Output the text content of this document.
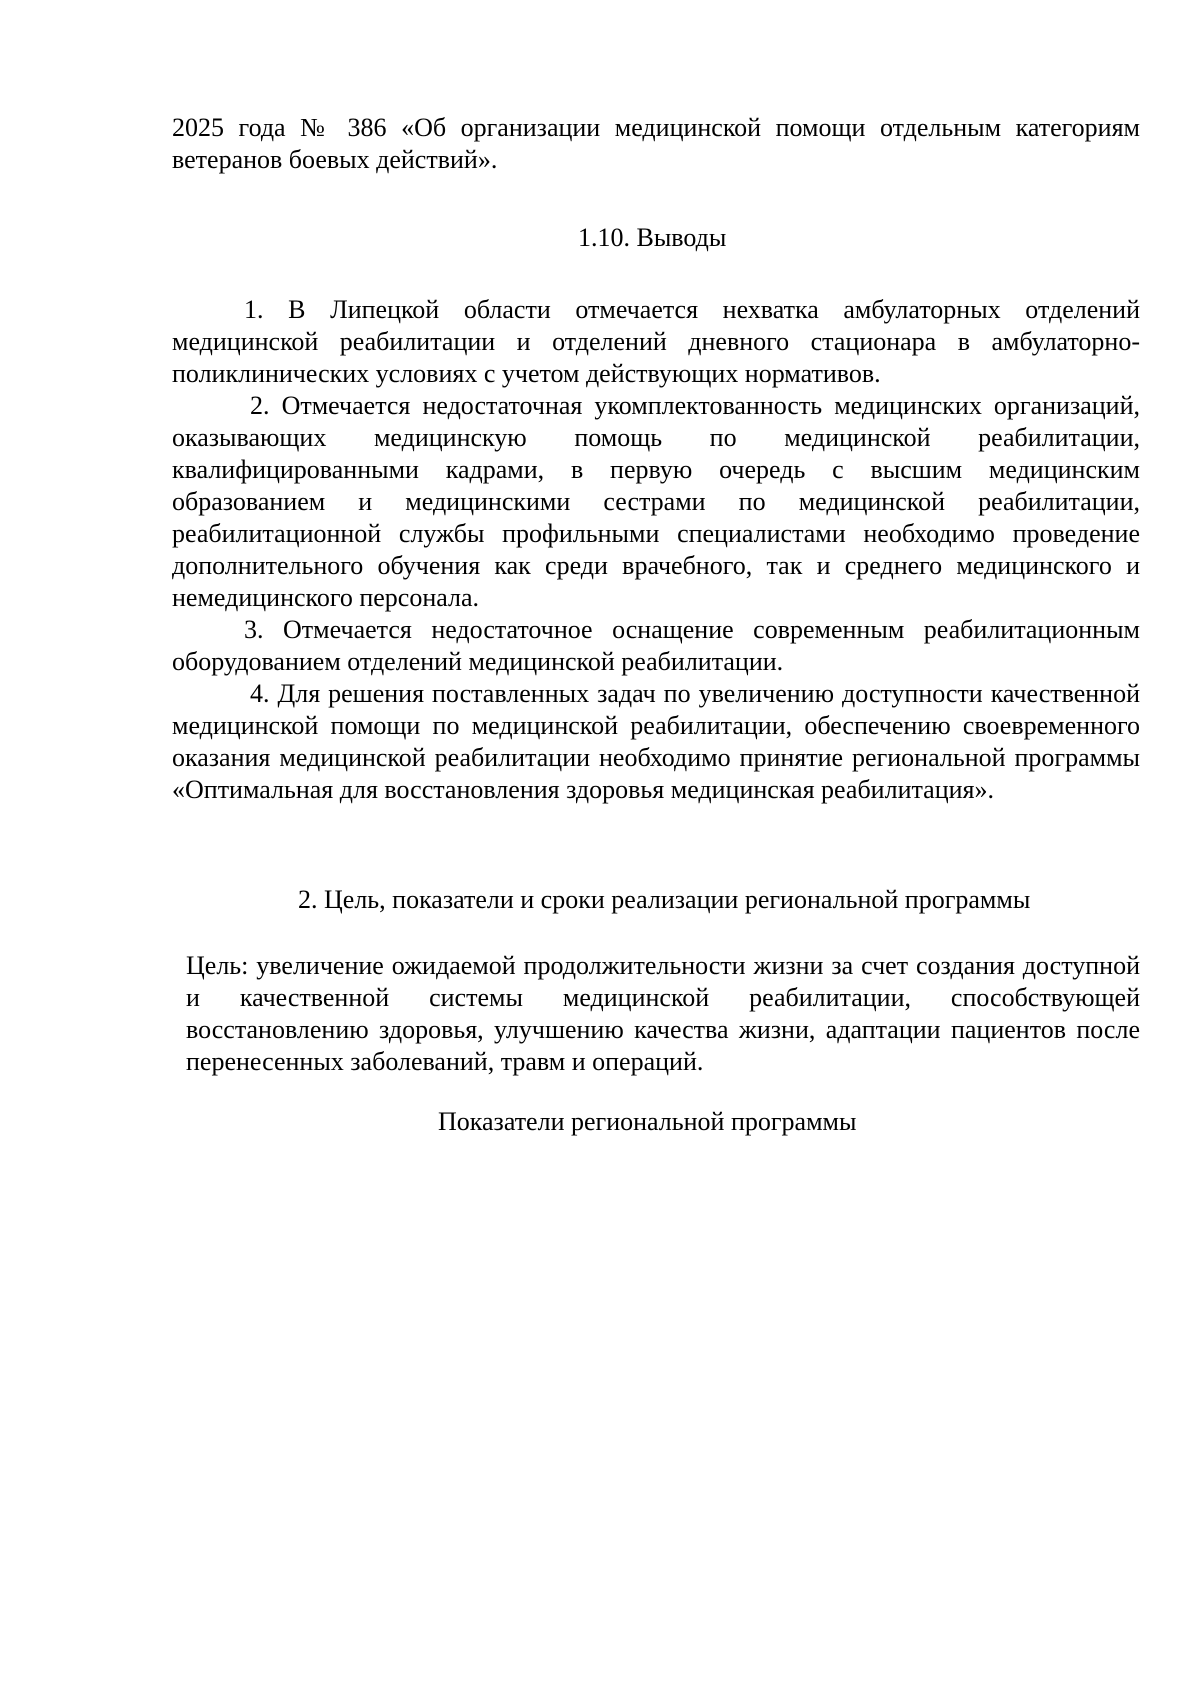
2025 года № 386 «Об организации медицинской помощи отдельным категориям ветеранов боевых действий».

1.10. Выводы

1. В Липецкой области отмечается нехватка амбулаторных отделений медицинской реабилитации и отделений дневного стационара в амбулаторно-поликлинических условиях с учетом действующих нормативов.

2. Отмечается недостаточная укомплектованность медицинских организаций, оказывающих медицинскую помощь по медицинской реабилитации, квалифицированными кадрами, в первую очередь с высшим медицинским образованием и медицинскими сестрами по медицинской реабилитации, реабилитационной службы профильными специалистами необходимо проведение дополнительного обучения как среди врачебного, так и среднего медицинского и немедицинского персонала.

3. Отмечается недостаточное оснащение современным реабилитационным оборудованием отделений медицинской реабилитации.

4. Для решения поставленных задач по увеличению доступности качественной медицинской помощи по медицинской реабилитации, обеспечению своевременного оказания медицинской реабилитации необходимо принятие региональной программы «Оптимальная для восстановления здоровья медицинская реабилитация».

2. Цель, показатели и сроки реализации региональной программы

Цель: увеличение ожидаемой продолжительности жизни за счет создания доступной и качественной системы медицинской реабилитации, способствующей восстановлению здоровья, улучшению качества жизни, адаптации пациентов после перенесенных заболеваний, травм и операций.

Показатели региональной программы
